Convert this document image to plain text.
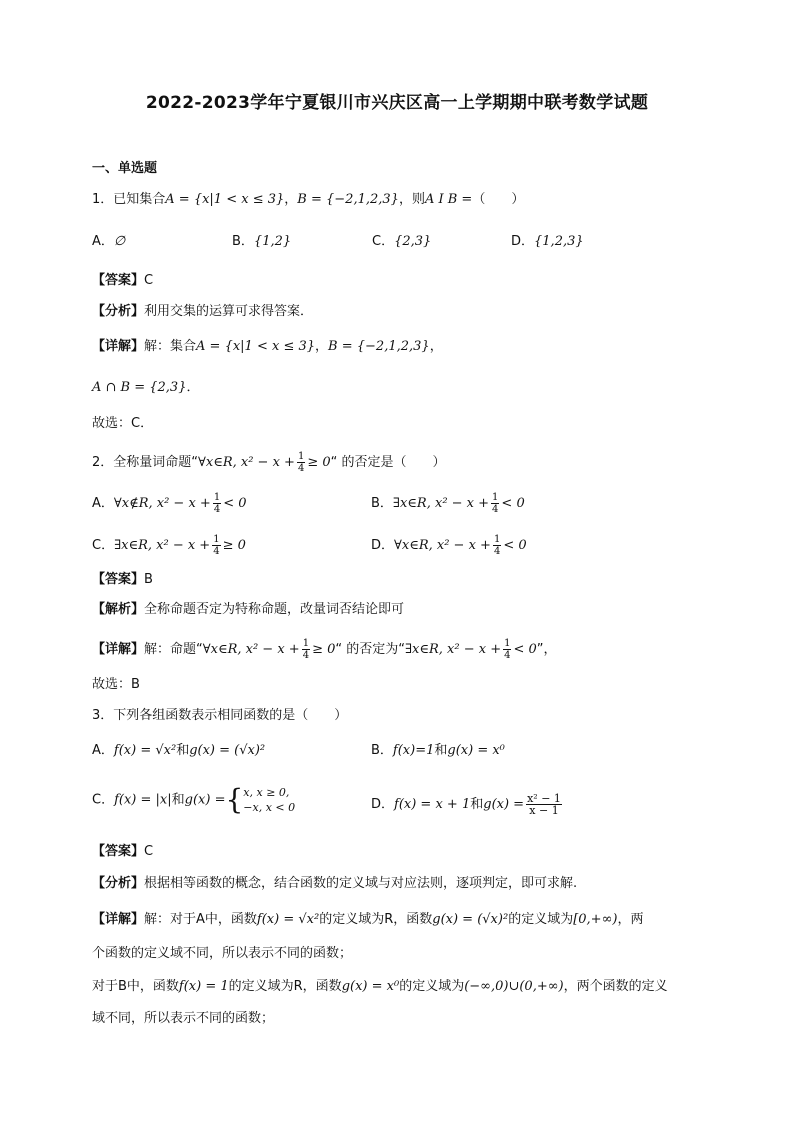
2022-2023学年宁夏银川市兴庆区高一上学期期中联考数学试题
一、单选题
1．已知集合A = {x|1 < x ≤ 3}，B = {−2,1,2,3}，则A I B =（　　）
A．∅	B．{1,2}	C．{2,3}	D．{1,2,3}
【答案】C
【分析】利用交集的运算可求得答案．
【详解】解：集合A = {x|1 < x ≤ 3}，B = {−2,1,2,3}，
A ∩ B = {2,3}．
故选：C．
2．全称量词命题“∀x∈R, $x^2 - x + \frac{1}{4}$ ≥ 0“ 的否定是（　　）
A．∀x∉R, $x^2 - x + \frac{1}{4} < 0$	B．∃x∈R, $x^2 - x + \frac{1}{4} < 0$
C．∃x∈R, $x^2 - x + \frac{1}{4} \ge 0$	D．∀x∈R, $x^2 - x + \frac{1}{4} < 0$
【答案】B
【解析】全称命题否定为特称命题，改量词否结论即可
【详解】解：命题“∀x∈R, $x^2 - x + \frac{1}{4}$ ≥ 0“ 的否定为“∃x∈R, $x^2 - x + \frac{1}{4} < 0$”，
故选：B
3．下列各组函数表示相同函数的是（　　）
A．f(x) = √x²和g(x) = (√x)²	B．f(x)=1和g(x) = x⁰
C．f(x) = |x|和g(x) ={ x, x ≥ 0,
−x, x < 0	D．f(x) = x + 1和$g(x) = \frac{\text{x² − 1}}{x - 1}$
【答案】C
【分析】根据相等函数的概念，结合函数的定义域与对应法则，逐项判定，即可求解.
【详解】解：对于A中，函数f(x) = √x²的定义域为R，函数g(x) = (√x)²的定义域为[0,+∞)，两
个函数的定义域不同，所以表示不同的函数；
对于B中，函数f(x) = 1的定义域为R，函数g(x) = x⁰的定义域为(−∞,0)∪(0,+∞)，两个函数的定义
域不同，所以表示不同的函数；
